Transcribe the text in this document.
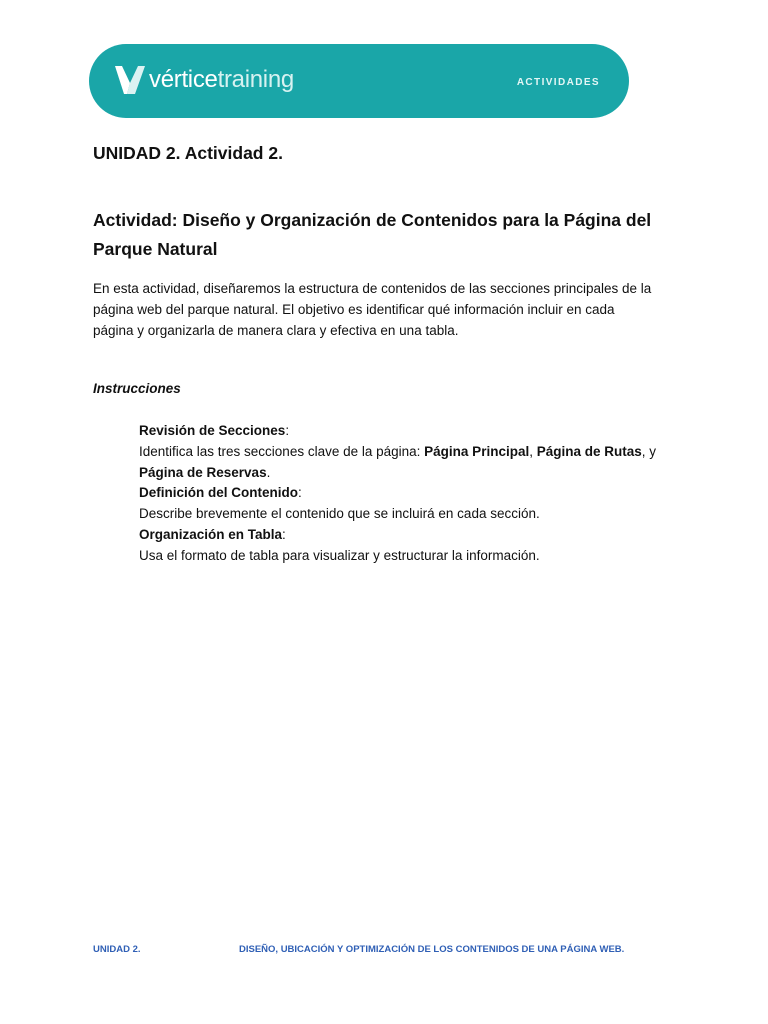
vérticetraining	ACTIVIDADES
UNIDAD 2. Actividad 2.
Actividad: Diseño y Organización de Contenidos para la Página del Parque Natural

En esta actividad, diseñaremos la estructura de contenidos de las secciones principales de la página web del parque natural. El objetivo es identificar qué información incluir en cada página y organizarla de manera clara y efectiva en una tabla.

Instrucciones

Revisión de Secciones:

Identifica las tres secciones clave de la página: Página Principal, Página de Rutas, y Página de Reservas.

Definición del Contenido:

Describe brevemente el contenido que se incluirá en cada sección.

Organización en Tabla:

Usa el formato de tabla para visualizar y estructurar la información.

UNIDAD 2.	DISEÑO, UBICACIÓN Y OPTIMIZACIÓN DE LOS CONTENIDOS DE UNA PÁGINA WEB.
